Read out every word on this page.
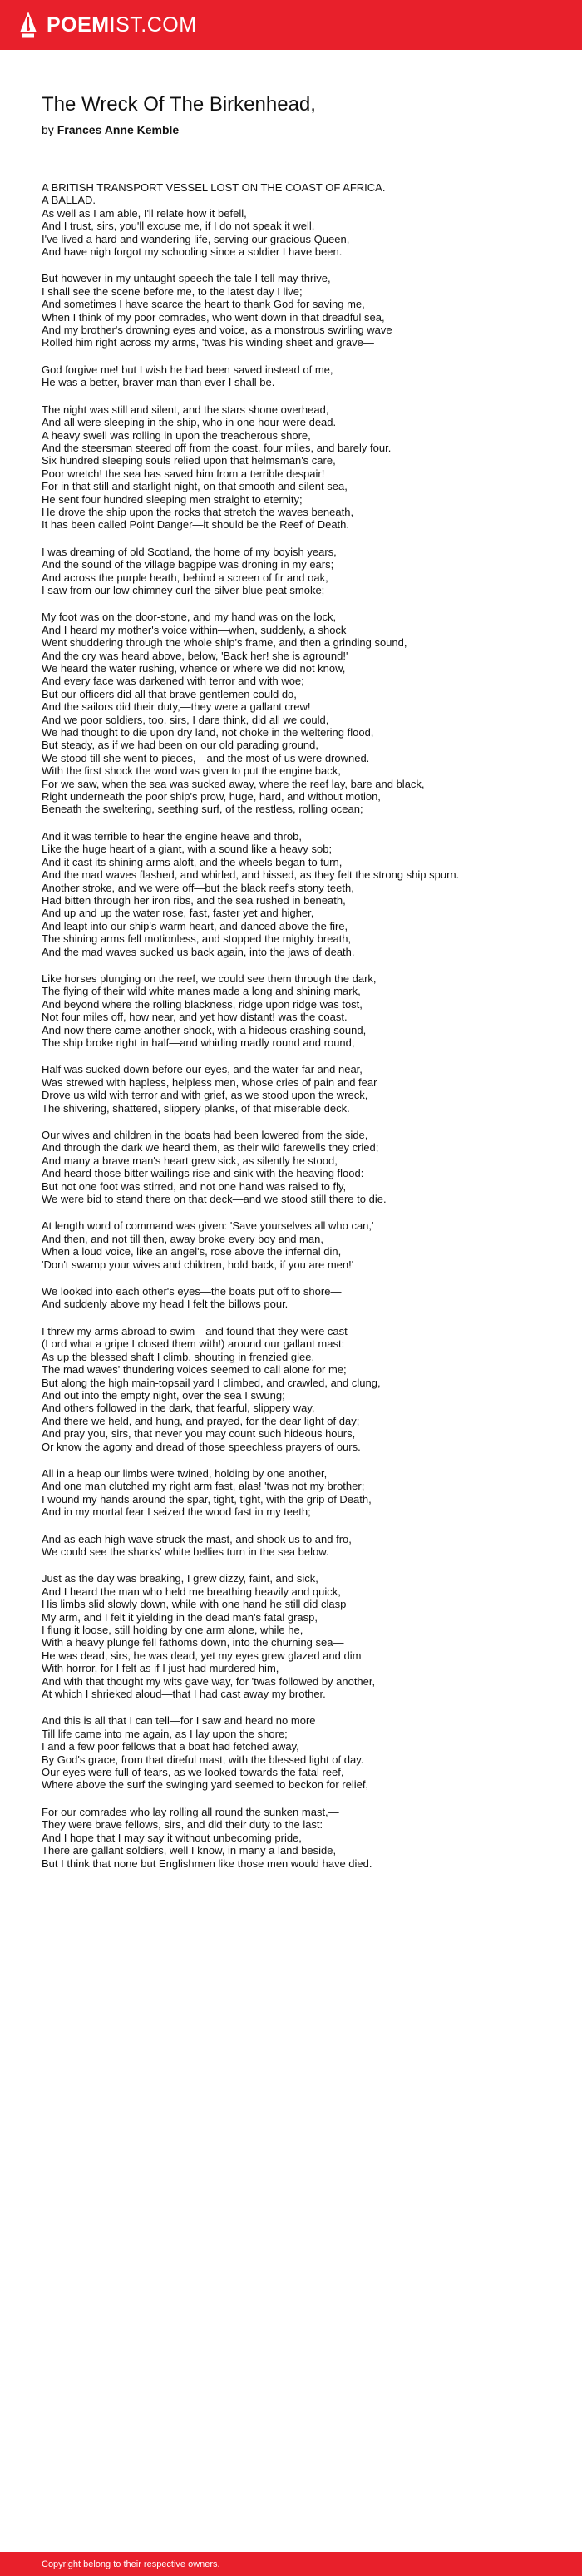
POEMIST.COM
The Wreck Of The Birkenhead,
by Frances Anne Kemble

A BRITISH TRANSPORT VESSEL LOST ON THE COAST OF AFRICA.
A BALLAD.
As well as I am able, I'll relate how it befell,
And I trust, sirs, you'll excuse me, if I do not speak it well.
I've lived a hard and wandering life, serving our gracious Queen,
And have nigh forgot my schooling since a soldier I have been.

But however in my untaught speech the tale I tell may thrive,
I shall see the scene before me, to the latest day I live;
And sometimes I have scarce the heart to thank God for saving me,
When I think of my poor comrades, who went down in that dreadful sea,
And my brother's drowning eyes and voice, as a monstrous swirling wave
Rolled him right across my arms, 'twas his winding sheet and grave—

God forgive me! but I wish he had been saved instead of me,
He was a better, braver man than ever I shall be.

The night was still and silent, and the stars shone overhead,
And all were sleeping in the ship, who in one hour were dead.
A heavy swell was rolling in upon the treacherous shore,
And the steersman steered off from the coast, four miles, and barely four.
Six hundred sleeping souls relied upon that helmsman's care,
Poor wretch! the sea has saved him from a terrible despair!
For in that still and starlight night, on that smooth and silent sea,
He sent four hundred sleeping men straight to eternity;
He drove the ship upon the rocks that stretch the waves beneath,
It has been called Point Danger—it should be the Reef of Death.

I was dreaming of old Scotland, the home of my boyish years,
And the sound of the village bagpipe was droning in my ears;
And across the purple heath, behind a screen of fir and oak,
I saw from our low chimney curl the silver blue peat smoke;

My foot was on the door-stone, and my hand was on the lock,
And I heard my mother's voice within—when, suddenly, a shock
Went shuddering through the whole ship's frame, and then a grinding sound,
And the cry was heard above, below, 'Back her! she is aground!'
We heard the water rushing, whence or where we did not know,
And every face was darkened with terror and with woe;
But our officers did all that brave gentlemen could do,
And the sailors did their duty,—they were a gallant crew!
And we poor soldiers, too, sirs, I dare think, did all we could,
We had thought to die upon dry land, not choke in the weltering flood,
But steady, as if we had been on our old parading ground,
We stood till she went to pieces,—and the most of us were drowned.
With the first shock the word was given to put the engine back,
For we saw, when the sea was sucked away, where the reef lay, bare and black,
Right underneath the poor ship's prow, huge, hard, and without motion,
Beneath the sweltering, seething surf, of the restless, rolling ocean;

And it was terrible to hear the engine heave and throb,
Like the huge heart of a giant, with a sound like a heavy sob;
And it cast its shining arms aloft, and the wheels began to turn,
And the mad waves flashed, and whirled, and hissed, as they felt the strong ship spurn.
Another stroke, and we were off—but the black reef's stony teeth,
Had bitten through her iron ribs, and the sea rushed in beneath,
And up and up the water rose, fast, faster yet and higher,
And leapt into our ship's warm heart, and danced above the fire,
The shining arms fell motionless, and stopped the mighty breath,
And the mad waves sucked us back again, into the jaws of death.

Like horses plunging on the reef, we could see them through the dark,
The flying of their wild white manes made a long and shining mark,
And beyond where the rolling blackness, ridge upon ridge was tost,
Not four miles off, how near, and yet how distant! was the coast.
And now there came another shock, with a hideous crashing sound,
The ship broke right in half—and whirling madly round and round,

Half was sucked down before our eyes, and the water far and near,
Was strewed with hapless, helpless men, whose cries of pain and fear
Drove us wild with terror and with grief, as we stood upon the wreck,
The shivering, shattered, slippery planks, of that miserable deck.

Our wives and children in the boats had been lowered from the side,
And through the dark we heard them, as their wild farewells they cried;
And many a brave man's heart grew sick, as silently he stood,
And heard those bitter wailings rise and sink with the heaving flood:
But not one foot was stirred, and not one hand was raised to fly,
We were bid to stand there on that deck—and we stood still there to die.

At length word of command was given: 'Save yourselves all who can,'
And then, and not till then, away broke every boy and man,
When a loud voice, like an angel's, rose above the infernal din,
'Don't swamp your wives and children, hold back, if you are men!'

We looked into each other's eyes—the boats put off to shore—
And suddenly above my head I felt the billows pour.

I threw my arms abroad to swim—and found that they were cast
(Lord what a gripe I closed them with!) around our gallant mast:
As up the blessed shaft I climb, shouting in frenzied glee,
The mad waves' thundering voices seemed to call alone for me;
But along the high main-topsail yard I climbed, and crawled, and clung,
And out into the empty night, over the sea I swung;
And others followed in the dark, that fearful, slippery way,
And there we held, and hung, and prayed, for the dear light of day;
And pray you, sirs, that never you may count such hideous hours,
Or know the agony and dread of those speechless prayers of ours.

All in a heap our limbs were twined, holding by one another,
And one man clutched my right arm fast, alas! 'twas not my brother;
I wound my hands around the spar, tight, tight, with the grip of Death,
And in my mortal fear I seized the wood fast in my teeth;

And as each high wave struck the mast, and shook us to and fro,
We could see the sharks' white bellies turn in the sea below.

Just as the day was breaking, I grew dizzy, faint, and sick,
And I heard the man who held me breathing heavily and quick,
His limbs slid slowly down, while with one hand he still did clasp
My arm, and I felt it yielding in the dead man's fatal grasp,
I flung it loose, still holding by one arm alone, while he,
With a heavy plunge fell fathoms down, into the churning sea—
He was dead, sirs, he was dead, yet my eyes grew glazed and dim
With horror, for I felt as if I just had murdered him,
And with that thought my wits gave way, for 'twas followed by another,
At which I shrieked aloud—that I had cast away my brother.

And this is all that I can tell—for I saw and heard no more
Till life came into me again, as I lay upon the shore;
I and a few poor fellows that a boat had fetched away,
By God's grace, from that direful mast, with the blessed light of day.
Our eyes were full of tears, as we looked towards the fatal reef,
Where above the surf the swinging yard seemed to beckon for relief,

For our comrades who lay rolling all round the sunken mast,—
They were brave fellows, sirs, and did their duty to the last:
And I hope that I may say it without unbecoming pride,
There are gallant soldiers, well I know, in many a land beside,
But I think that none but Englishmen like those men would have died.

Copyright belong to their respective owners.
